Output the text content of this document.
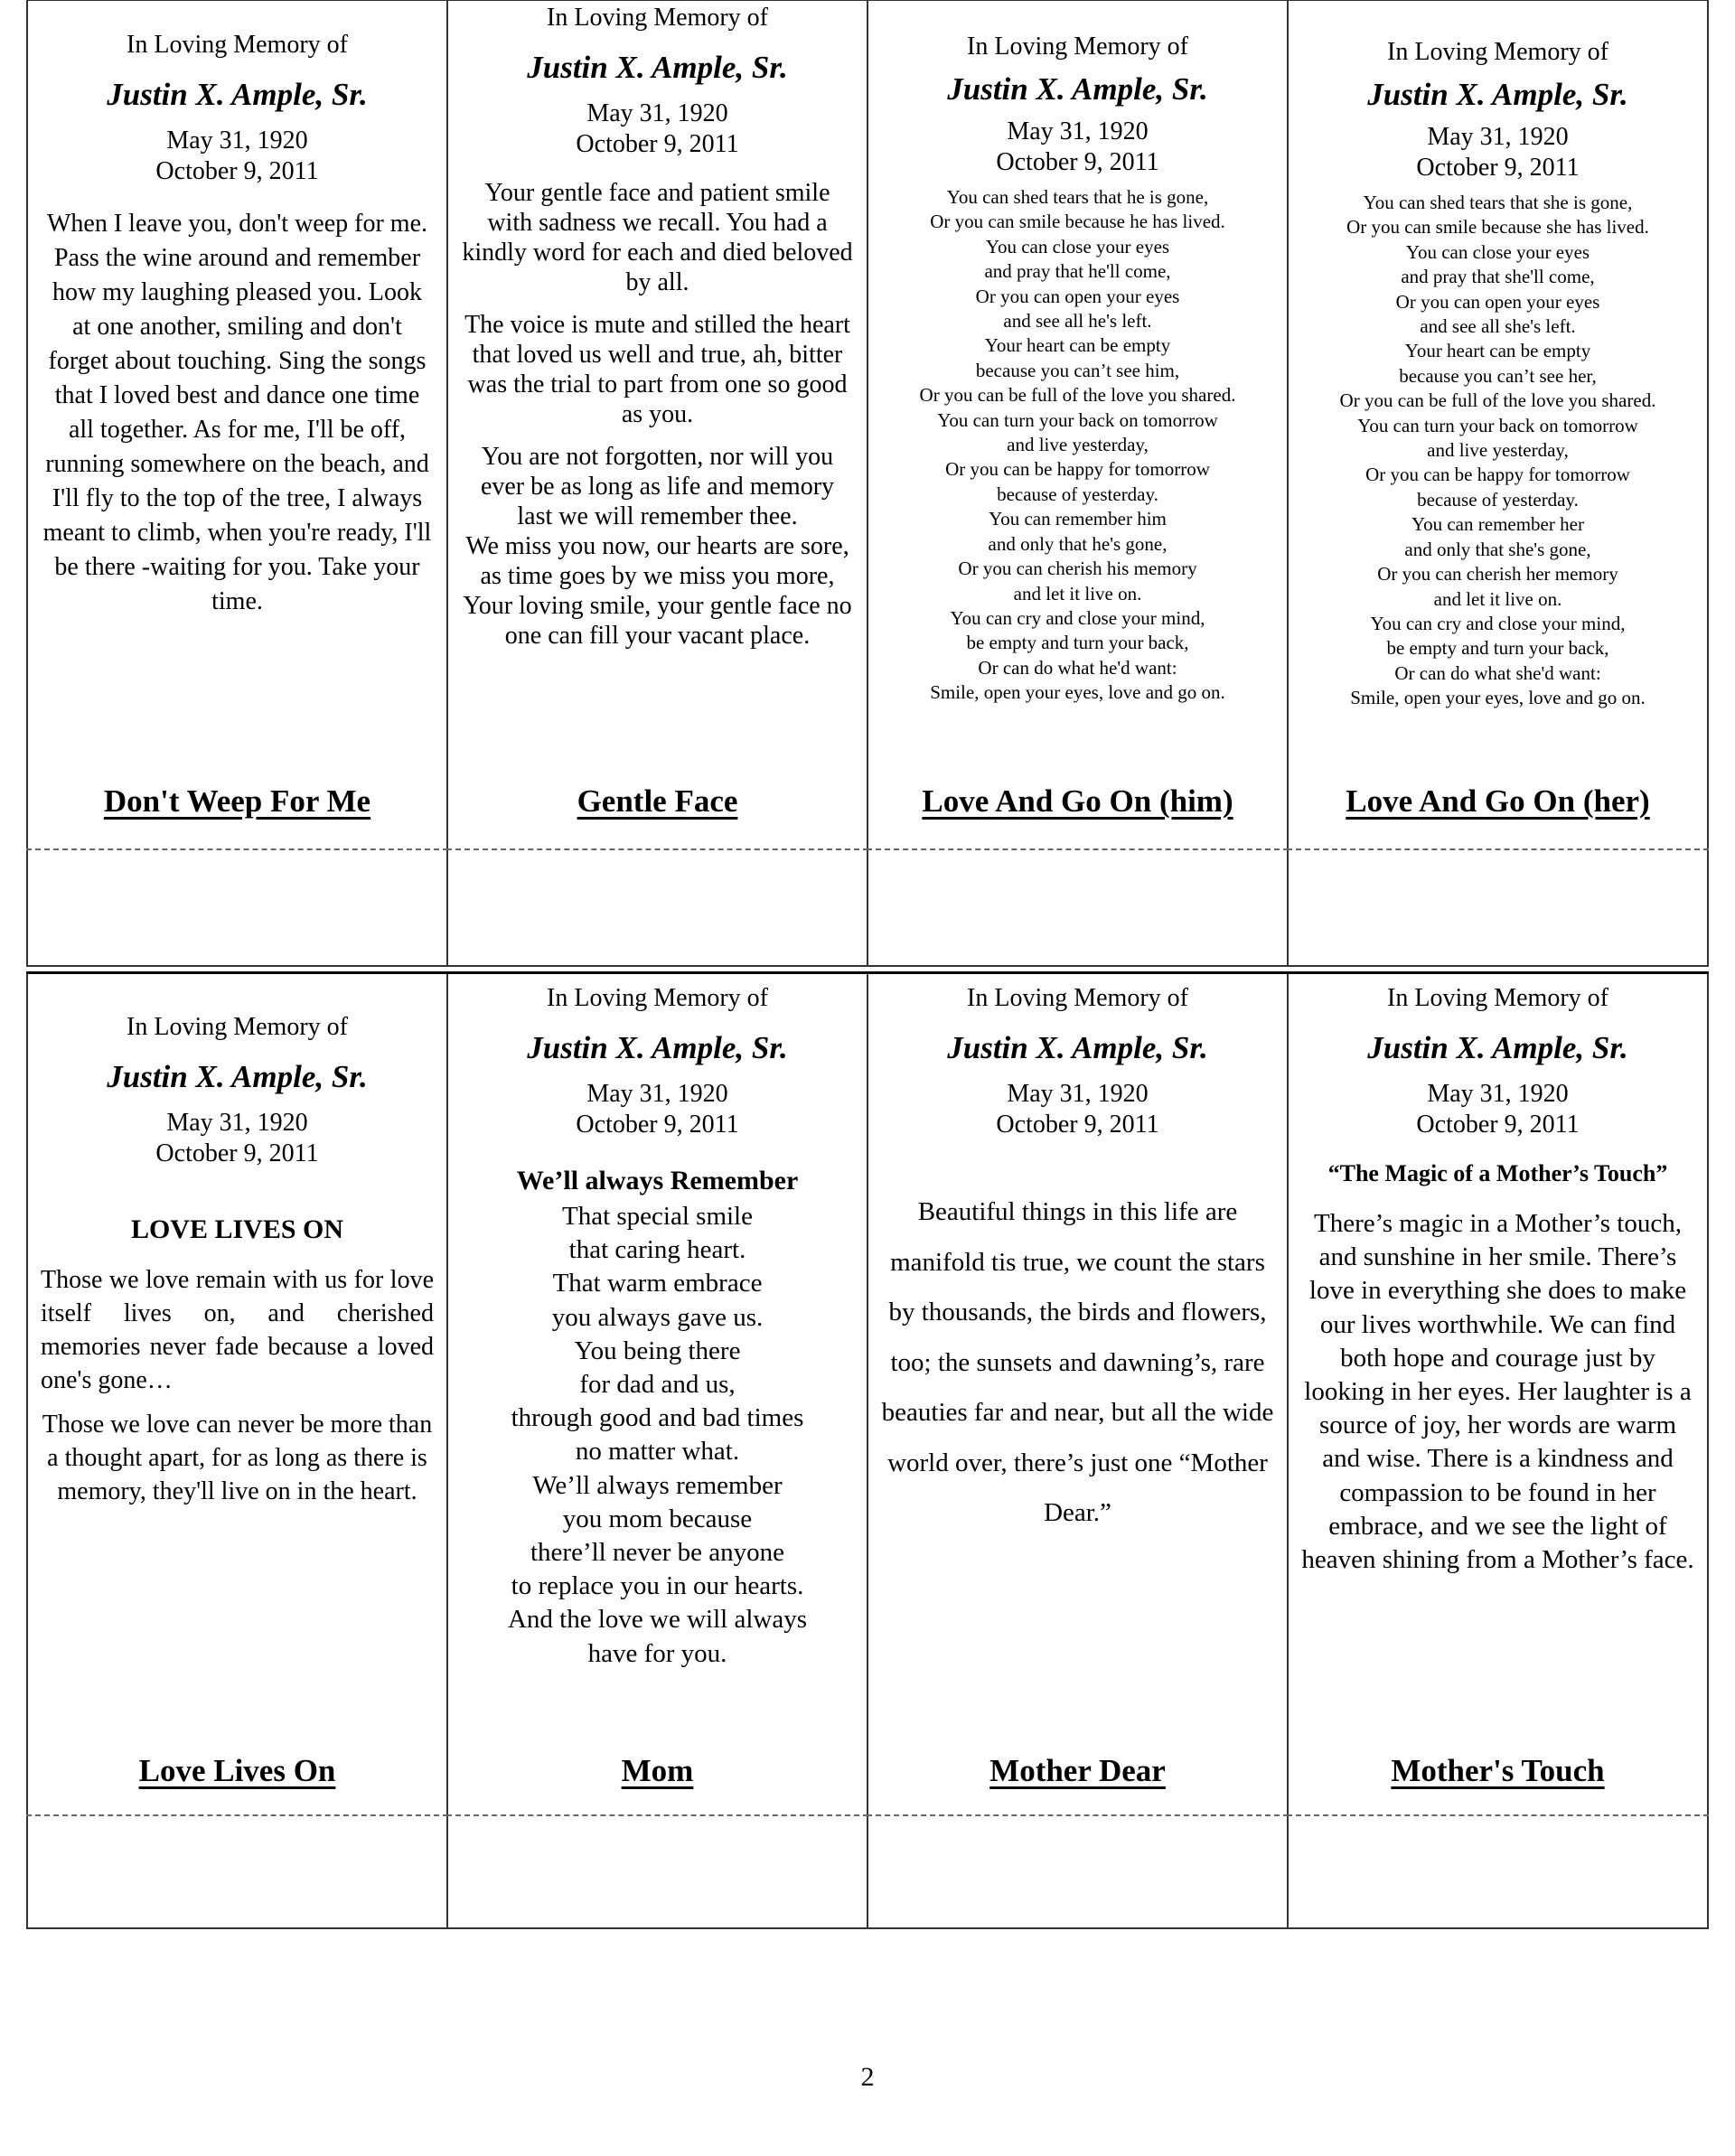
In Loving Memory of
Justin X. Ample, Sr.
May 31, 1920
October 9, 2011

When I leave you, don't weep for me. Pass the wine around and remember how my laughing pleased you. Look at one another, smiling and don't forget about touching. Sing the songs that I loved best and dance one time all together. As for me, I'll be off, running somewhere on the beach, and I'll fly to the top of the tree, I always meant to climb, when you're ready, I'll be there -waiting for you. Take your time.

Don't Weep For Me
In Loving Memory of
Justin X. Ample, Sr.
May 31, 1920
October 9, 2011

Your gentle face and patient smile with sadness we recall. You had a kindly word for each and died beloved by all.

The voice is mute and stilled the heart that loved us well and true, ah, bitter was the trial to part from one so good as you.

You are not forgotten, nor will you ever be as long as life and memory last we will remember thee.
We miss you now, our hearts are sore, as time goes by we miss you more, Your loving smile, your gentle face no one can fill your vacant place.

Gentle Face
In Loving Memory of
Justin X. Ample, Sr.
May 31, 1920
October 9, 2011

You can shed tears that he is gone,
Or you can smile because he has lived.
You can close your eyes
and pray that he'll come,
Or you can open your eyes
and see all he's left.
Your heart can be empty
because you can’t see him,
Or you can be full of the love you shared.
You can turn your back on tomorrow
and live yesterday,
Or you can be happy for tomorrow
because of yesterday.
You can remember him
and only that he's gone,
Or you can cherish his memory
and let it live on.
You can cry and close your mind,
be empty and turn your back,
Or can do what he'd want:
Smile, open your eyes, love and go on.

Love And Go On (him)
In Loving Memory of
Justin X. Ample, Sr.
May 31, 1920
October 9, 2011

You can shed tears that she is gone,
Or you can smile because she has lived.
You can close your eyes
and pray that she'll come,
Or you can open your eyes
and see all she's left.
Your heart can be empty
because you can’t see her,
Or you can be full of the love you shared.
You can turn your back on tomorrow
and live yesterday,
Or you can be happy for tomorrow
because of yesterday.
You can remember her
and only that she's gone,
Or you can cherish her memory
and let it live on.
You can cry and close your mind,
be empty and turn your back,
Or can do what she'd want:
Smile, open your eyes, love and go on.

Love And Go On (her)
In Loving Memory of
Justin X. Ample, Sr.
May 31, 1920
October 9, 2011
LOVE LIVES ON

Those we love remain with us for love itself lives on, and cherished memories never fade because a loved one's gone…

Those we love can never be more than a thought apart, for as long as there is memory, they'll live on in the heart.

Love Lives On
In Loving Memory of
Justin X. Ample, Sr.
May 31, 1920
October 9, 2011
We’ll always Remember

That special smile
that caring heart.
That warm embrace
you always gave us.
You being there
for dad and us,
through good and bad times
no matter what.
We’ll always remember
you mom because
there’ll never be anyone
to replace you in our hearts.
And the love we will always
have for you.

Mom
In Loving Memory of
Justin X. Ample, Sr.
May 31, 1920
October 9, 2011

Beautiful things in this life are manifold tis true, we count the stars by thousands, the birds and flowers, too; the sunsets and dawning’s, rare beauties far and near, but all the wide world over, there’s just one “Mother Dear.”

Mother Dear
In Loving Memory of
Justin X. Ample, Sr.
May 31, 1920
October 9, 2011
“The Magic of a Mother’s Touch”

There’s magic in a Mother’s touch, and sunshine in her smile. There’s love in everything she does to make our lives worthwhile. We can find both hope and courage just by looking in her eyes. Her laughter is a source of joy, her words are warm and wise. There is a kindness and compassion to be found in her embrace, and we see the light of heaven shining from a Mother’s face.

Mother's Touch
2
